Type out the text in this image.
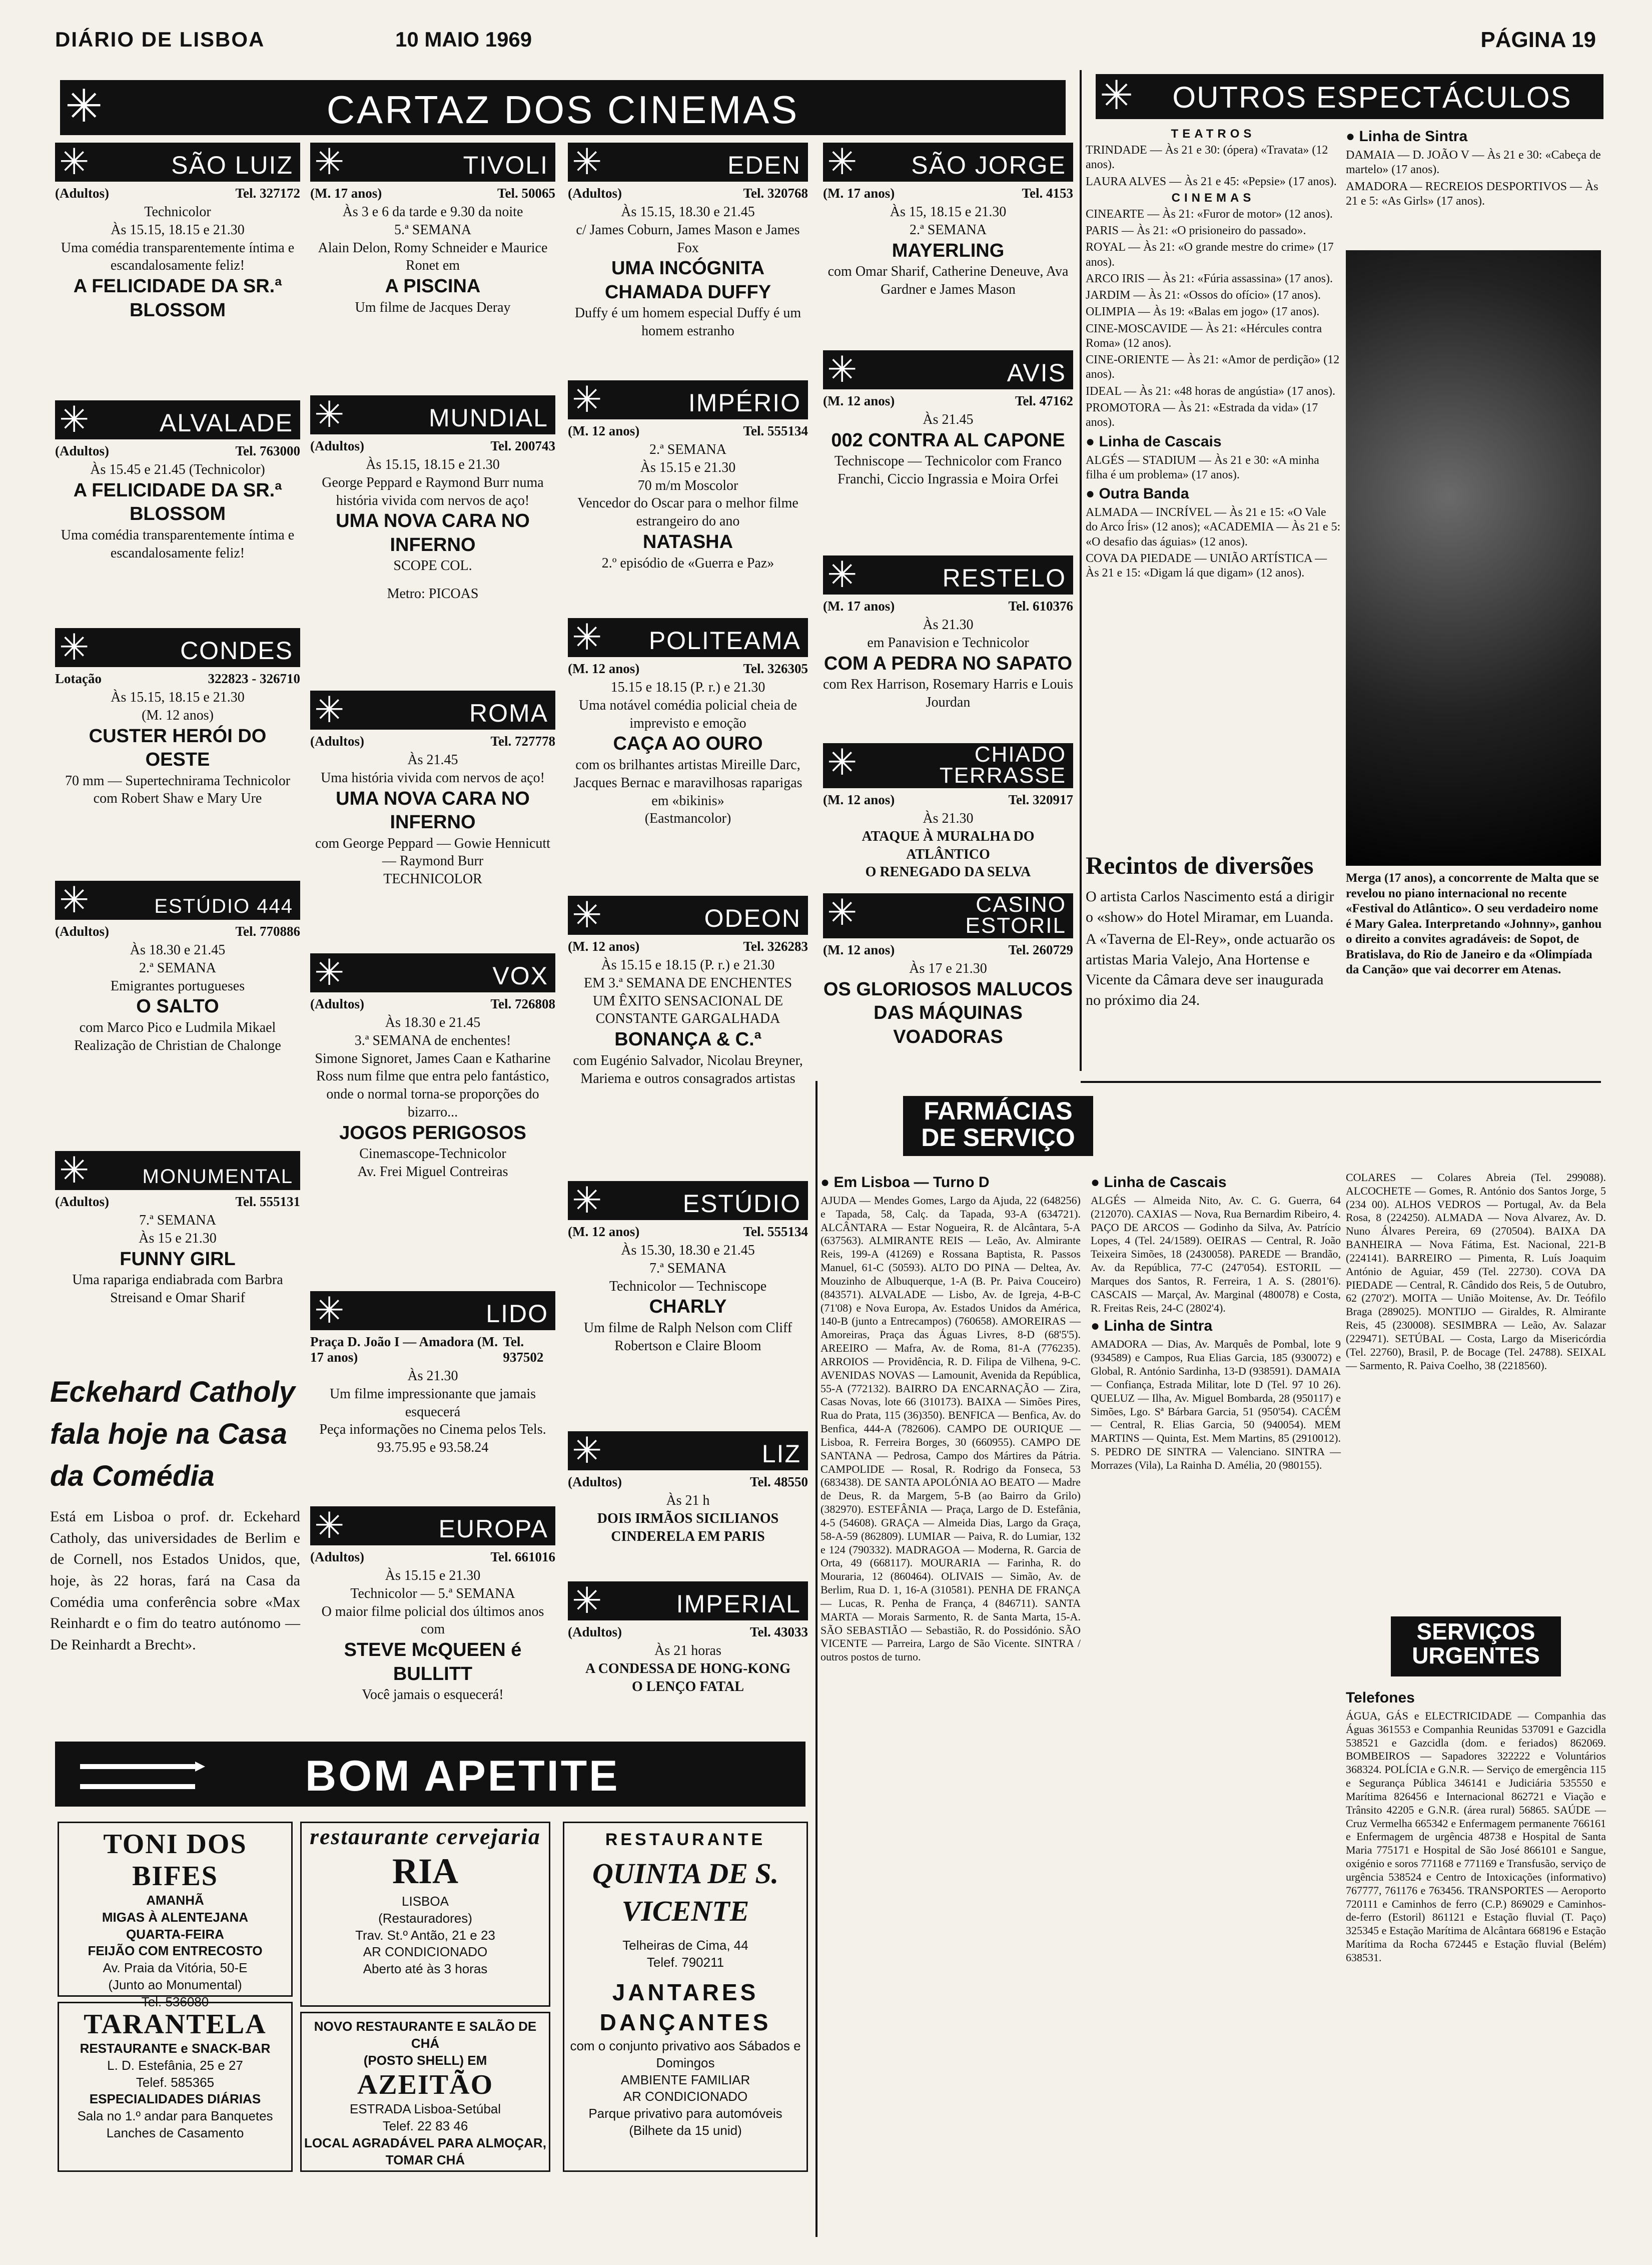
DIÁRIO DE LISBOA	10 MAIO 1969	PÁGINA 19
✳	CARTAZ DOS CINEMAS	✳	OUTROS ESPECTÁCULOS
✳	SÃO LUIZ
(Adultos)	Tel. 327172
Technicolor
Às 15.15, 18.15 e 21.30
Uma comédia transparentemente íntima e escandalosamente feliz!
A FELICIDADE DA SR.ª BLOSSOM
✳	ALVALADE
(Adultos)	Tel. 763000
Às 15.45 e 21.45 (Technicolor)
A FELICIDADE DA SR.ª BLOSSOM
Uma comédia transparentemente íntima e escandalosamente feliz!
✳	CONDES
Lotação	322823 - 326710
Às 15.15, 18.15 e 21.30
(M. 12 anos)
CUSTER HERÓI DO OESTE
70 mm — Supertechnirama Technicolor com Robert Shaw e Mary Ure
✳	ESTÚDIO 444
(Adultos)	Tel. 770886
Às 18.30 e 21.45
2.ª SEMANA
Emigrantes portugueses
O SALTO
com Marco Pico e Ludmila Mikael Realização de Christian de Chalonge
✳	MONUMENTAL
(Adultos)	Tel. 555131
7.ª SEMANA
Às 15 e 21.30
FUNNY GIRL
Uma rapariga endiabrada com Barbra Streisand e Omar Sharif
Eckehard Catholy fala hoje na Casa da Comédia

Está em Lisboa o prof. dr. Eckehard Catholy, das universidades de Berlim e de Cornell, nos Estados Unidos, que, hoje, às 22 horas, fará na Casa da Comédia uma conferência sobre «Max Reinhardt e o fim do teatro autónomo — De Reinhardt a Brecht».

✳	TIVOLI
(M. 17 anos)	Tel. 50065
Às 3 e 6 da tarde e 9.30 da noite
5.ª SEMANA
Alain Delon, Romy Schneider e Maurice Ronet em
A PISCINA
Um filme de Jacques Deray
✳	MUNDIAL
(Adultos)	Tel. 200743
Às 15.15, 18.15 e 21.30
George Peppard e Raymond Burr numa história vivida com nervos de aço!
UMA NOVA CARA NO INFERNO
SCOPE COL.
Metro: PICOAS
✳	ROMA
(Adultos)	Tel. 727778
Às 21.45
Uma história vivida com nervos de aço!
UMA NOVA CARA NO INFERNO
com George Peppard — Gowie Hennicutt — Raymond Burr
TECHNICOLOR
✳	VOX
(Adultos)	Tel. 726808
Às 18.30 e 21.45
3.ª SEMANA de enchentes!
Simone Signoret, James Caan e Katharine Ross num filme que entra pelo fantástico, onde o normal torna-se proporções do bizarro...
JOGOS PERIGOSOS
Cinemascope-Technicolor
Av. Frei Miguel Contreiras
✳	LIDO
Praça D. João I — Amadora (M. 17 anos)
Tel. 937502
Às 21.30
Um filme impressionante que jamais esquecerá
Peça informações no Cinema pelos Tels. 93.75.95 e 93.58.24
✳	EUROPA
(Adultos)	Tel. 661016
Às 15.15 e 21.30
Technicolor — 5.ª SEMANA
O maior filme policial dos últimos anos com
STEVE McQUEEN é BULLITT
Você jamais o esquecerá!
✳	EDEN
(Adultos)	Tel. 320768
Às 15.15, 18.30 e 21.45
c/ James Coburn, James Mason e James Fox
UMA INCÓGNITA CHAMADA DUFFY
Duffy é um homem especial Duffy é um homem estranho
✳	IMPÉRIO
(M. 12 anos)	Tel. 555134
2.ª SEMANA
Às 15.15 e 21.30
70 m/m Moscolor
Vencedor do Oscar para o melhor filme estrangeiro do ano
NATASHA
2.º episódio de «Guerra e Paz»
✳ POLITEAMA
(M. 12 anos)	Tel. 326305
15.15 e 18.15 (P. r.) e 21.30
Uma notável comédia policial cheia de imprevisto e emoção
CAÇA AO OURO
com os brilhantes artistas Mireille Darc, Jacques Bernac e maravilhosas raparigas em «bikinis»
(Eastmancolor)
✳	ODEON
(M. 12 anos)	Tel. 326283
Às 15.15 e 18.15 (P. r.) e 21.30
EM 3.ª SEMANA DE ENCHENTES
UM ÊXITO SENSACIONAL DE CONSTANTE GARGALHADA
BONANÇA & C.ª
com Eugénio Salvador, Nicolau Breyner, Mariema e outros consagrados artistas
✳	ESTÚDIO
(M. 12 anos)	Tel. 555134
Às 15.30, 18.30 e 21.45
7.ª SEMANA
Technicolor — Techniscope
CHARLY
Um filme de Ralph Nelson com Cliff Robertson e Claire Bloom
✳	LIZ
(Adultos)	Tel. 48550
Às 21 h
DOIS IRMÃOS SICILIANOS
CINDERELA EM PARIS
✳	IMPERIAL
(Adultos)	Tel. 43033
Às 21 horas
A CONDESSA DE HONG-KONG
O LENÇO FATAL
✳ SÃO JORGE
(M. 17 anos)	Tel. 4153
Às 15, 18.15 e 21.30
2.ª SEMANA
MAYERLING
com Omar Sharif, Catherine Deneuve, Ava Gardner e James Mason
✳	AVIS
(M. 12 anos)	Tel. 47162
Às 21.45
002 CONTRA AL CAPONE
Techniscope — Technicolor com Franco Franchi, Ciccio Ingrassia e Moira Orfei
✳	RESTELO
(M. 17 anos)	Tel. 610376
Às 21.30
em Panavision e Technicolor
COM A PEDRA NO SAPATO
com Rex Harrison, Rosemary Harris e Louis Jourdan
✳	CHIADO TERRASSE
(M. 12 anos)	Tel. 320917
Às 21.30
ATAQUE À MURALHA DO ATLÂNTICO
O RENEGADO DA SELVA
✳	CASINO ESTORIL
(M. 12 anos)	Tel. 260729
Às 17 e 21.30
OS GLORIOSOS MALUCOS DAS MÁQUINAS VOADORAS
TEATROS

TRINDADE — Às 21 e 30: (ópera) «Travata» (12 anos).

LAURA ALVES — Às 21 e 45: «Pepsie» (17 anos).

CINEMAS

CINEARTE — Às 21: «Furor de motor» (12 anos).

PARIS — Às 21: «O prisioneiro do passado».

ROYAL — Às 21: «O grande mestre do crime» (17 anos).

ARCO IRIS — Às 21: «Fúria assassina» (17 anos).

JARDIM — Às 21: «Ossos do ofício» (17 anos).

OLIMPIA — Às 19: «Balas em jogo» (17 anos).

CINE-MOSCAVIDE — Às 21: «Hércules contra Roma» (12 anos).

CINE-ORIENTE — Às 21: «Amor de perdição» (12 anos).

IDEAL — Às 21: «48 horas de angústia» (17 anos).

PROMOTORA — Às 21: «Estrada da vida» (17 anos).

● Linha de Cascais

ALGÉS — STADIUM — Às 21 e 30: «A minha filha é um problema» (17 anos).

● Outra Banda

ALMADA — INCRÍVEL — Às 21 e 15: «O Vale do Arco Íris» (12 anos); «ACADEMIA — Às 21 e 5: «O desafio das águias» (12 anos).

COVA DA PIEDADE — UNIÃO ARTÍSTICA — Às 21 e 15: «Digam lá que digam» (12 anos).

● Linha de Sintra

DAMAIA — D. JOÃO V — Às 21 e 30: «Cabeça de martelo» (17 anos).

AMADORA — RECREIOS DESPORTIVOS — Às 21 e 5: «As Girls» (17 anos).

Merga (17 anos), a concorrente de Malta que se revelou no piano internacional no recente «Festival do Atlântico». O seu verdadeiro nome é Mary Galea. Interpretando «Johnny», ganhou o direito a convites agradáveis: de Sopot, de Bratislava, do Rio de Janeiro e da «Olimpíada da Canção» que vai decorrer em Atenas.

Recintos de diversões

O artista Carlos Nascimento está a dirigir o «show» do Hotel Miramar, em Luanda.

A «Taverna de El-Rey», onde actuarão os artistas Maria Valejo, Ana Hortense e Vicente da Câmara deve ser inaugurada no próximo dia 24.

FARMÁCIAS DE SERVIÇO
● Em Lisboa — Turno D

AJUDA — Mendes Gomes, Largo da Ajuda, 22 (648256) e Tapada, 58, Calç. da Tapada, 93-A (634721). ALCÂNTARA — Estar Nogueira, R. de Alcântara, 5-A (637563). ALMIRANTE REIS — Leão, Av. Almirante Reis, 199-A (41269) e Rossana Baptista, R. Passos Manuel, 61-C (50593). ALTO DO PINA — Deltea, Av. Mouzinho de Albuquerque, 1-A (B. Pr. Paiva Couceiro) (843571). ALVALADE — Lisbo, Av. de Igreja, 4-B-C (71'08) e Nova Europa, Av. Estados Unidos da América, 140-B (junto a Entrecampos) (760658). AMOREIRAS — Amoreiras, Praça das Águas Livres, 8-D (68'5'5). AREEIRO — Mafra, Av. de Roma, 81-A (776235). ARROIOS — Providência, R. D. Filipa de Vilhena, 9-C. AVENIDAS NOVAS — Lamounit, Avenida da República, 55-A (772132). BAIRRO DA ENCARNAÇÃO — Zira, Casas Novas, lote 66 (310173). BAIXA — Simões Pires, Rua do Prata, 115 (36)350). BENFICA — Benfica, Av. do Benfica, 444-A (782606). CAMPO DE OURIQUE — Lisboa, R. Ferreira Borges, 30 (660955). CAMPO DE SANTANA — Pedrosa, Campo dos Mártires da Pátria. CAMPOLIDE — Rosal, R. Rodrigo da Fonseca, 53 (683438). DE SANTA APOLÓNIA AO BEATO — Madre de Deus, R. da Margem, 5-B (ao Bairro da Grilo) (382970). ESTEFÂNIA — Praça, Largo de D. Estefânia, 4-5 (54608). GRAÇA — Almeida Dias, Largo da Graça, 58-A-59 (862809). LUMIAR — Paiva, R. do Lumiar, 132 e 124 (790332). MADRAGOA — Moderna, R. Garcia de Orta, 49 (668117). MOURARIA — Farinha, R. do Mouraria, 12 (860464). OLIVAIS — Simão, Av. de Berlim, Rua D. 1, 16-A (310581). PENHA DE FRANÇA — Lucas, R. Penha de França, 4 (846711). SANTA MARTA — Morais Sarmento, R. de Santa Marta, 15-A. SÃO SEBASTIÃO — Sebastião, R. do Possidónio. SÃO VICENTE — Parreira, Largo de São Vicente. SINTRA / outros postos de turno.

● Linha de Cascais

ALGÉS — Almeida Nito, Av. C. G. Guerra, 64 (212070). CAXIAS — Nova, Rua Bernardim Ribeiro, 4. PAÇO DE ARCOS — Godinho da Silva, Av. Patrício Lopes, 4 (Tel. 24/1589). OEIRAS — Central, R. João Teixeira Simões, 18 (2430058). PAREDE — Brandão, Av. da República, 77-C (247'054). ESTORIL — Marques dos Santos, R. Ferreira, 1 A. S. (2801'6). CASCAIS — Marçal, Av. Marginal (480078) e Costa, R. Freitas Reis, 24-C (2802'4).

● Linha de Sintra

AMADORA — Dias, Av. Marquês de Pombal, lote 9 (934589) e Campos, Rua Elias Garcia, 185 (930072) e Global, R. António Sardinha, 13-D (938591). DAMAIA — Confiança, Estrada Militar, lote D (Tel. 97 10 26). QUELUZ — Ilha, Av. Miguel Bombarda, 28 (950117) e Simões, Lgo. Sª Bárbara Garcia, 51 (950'54). CACÉM — Central, R. Elias Garcia, 50 (940054). MEM MARTINS — Quinta, Est. Mem Martins, 85 (2910012). S. PEDRO DE SINTRA — Valenciano. SINTRA — Morrazes (Vila), La Rainha D. Amélia, 20 (980155).

COLARES — Colares Abreia (Tel. 299088). ALCOCHETE — Gomes, R. António dos Santos Jorge, 5 (234 00). ALHOS VEDROS — Portugal, Av. da Bela Rosa, 8 (224250). ALMADA — Nova Alvarez, Av. D. Nuno Álvares Pereira, 69 (270504). BAIXA DA BANHEIRA — Nova Fátima, Est. Nacional, 221-B (224141). BARREIRO — Pimenta, R. Luís Joaquim António de Aguiar, 459 (Tel. 22730). COVA DA PIEDADE — Central, R. Cândido dos Reis, 5 de Outubro, 62 (270'2'). MOITA — União Moitense, Av. Dr. Teófilo Braga (289025). MONTIJO — Giraldes, R. Almirante Reis, 45 (230008). SESIMBRA — Leão, Av. Salazar (229471). SETÚBAL — Costa, Largo da Misericórdia (Tel. 22760), Brasil, P. de Bocage (Tel. 24788). SEIXAL — Sarmento, R. Paiva Coelho, 38 (2218560).

SERVIÇOS URGENTES
Telefones

ÁGUA, GÁS e ELECTRICIDADE — Companhia das Águas 361553 e Companhia Reunidas 537091 e Gazcidla 538521 e Gazcidla (dom. e feriados) 862069. BOMBEIROS — Sapadores 322222 e Voluntários 368324. POLÍCIA e G.N.R. — Serviço de emergência 115 e Segurança Pública 346141 e Judiciária 535550 e Marítima 826456 e Internacional 862721 e Viação e Trânsito 42205 e G.N.R. (área rural) 56865. SAÚDE — Cruz Vermelha 665342 e Enfermagem permanente 766161 e Enfermagem de urgência 48738 e Hospital de Santa Maria 775171 e Hospital de São José 866101 e Sangue, oxigénio e soros 771168 e 771169 e Transfusão, serviço de urgência 538524 e Centro de Intoxicações (informativo) 767777, 761176 e 763456. TRANSPORTES — Aeroporto 720111 e Caminhos de ferro (C.P.) 869029 e Caminhos-de-ferro (Estoril) 861121 e Estação fluvial (T. Paço) 325345 e Estação Marítima de Alcântara 668196 e Estação Marítima da Rocha 672445 e Estação fluvial (Belém) 638531.

BOM APETITE
TONI DOS BIFES
AMANHÃ
MIGAS À ALENTEJANA
QUARTA-FEIRA
FEIJÃO COM ENTRECOSTO
Av. Praia da Vitória, 50-E
(Junto ao Monumental)
Tel. 536080
TARANTELA
RESTAURANTE e SNACK-BAR
L. D. Estefânia, 25 e 27
Telef. 585365
ESPECIALIDADES DIÁRIAS
Sala no 1.º andar para Banquetes
Lanches de Casamento
restaurante cervejaria
RIA
LISBOA
(Restauradores)
Trav. St.º Antão, 21 e 23
AR CONDICIONADO
Aberto até às 3 horas
NOVO RESTAURANTE E SALÃO DE CHÁ
(POSTO SHELL) EM
AZEITÃO
ESTRADA Lisboa-Setúbal
Telef. 22 83 46
LOCAL AGRADÁVEL PARA ALMOÇAR, TOMAR CHÁ
RESTAURANTE
QUINTA DE S. VICENTE
Telheiras de Cima, 44
Telef. 790211
JANTARES DANÇANTES
com o conjunto privativo aos Sábados e Domingos
AMBIENTE FAMILIAR
AR CONDICIONADO
Parque privativo para automóveis
(Bilhete da 15 unid)
